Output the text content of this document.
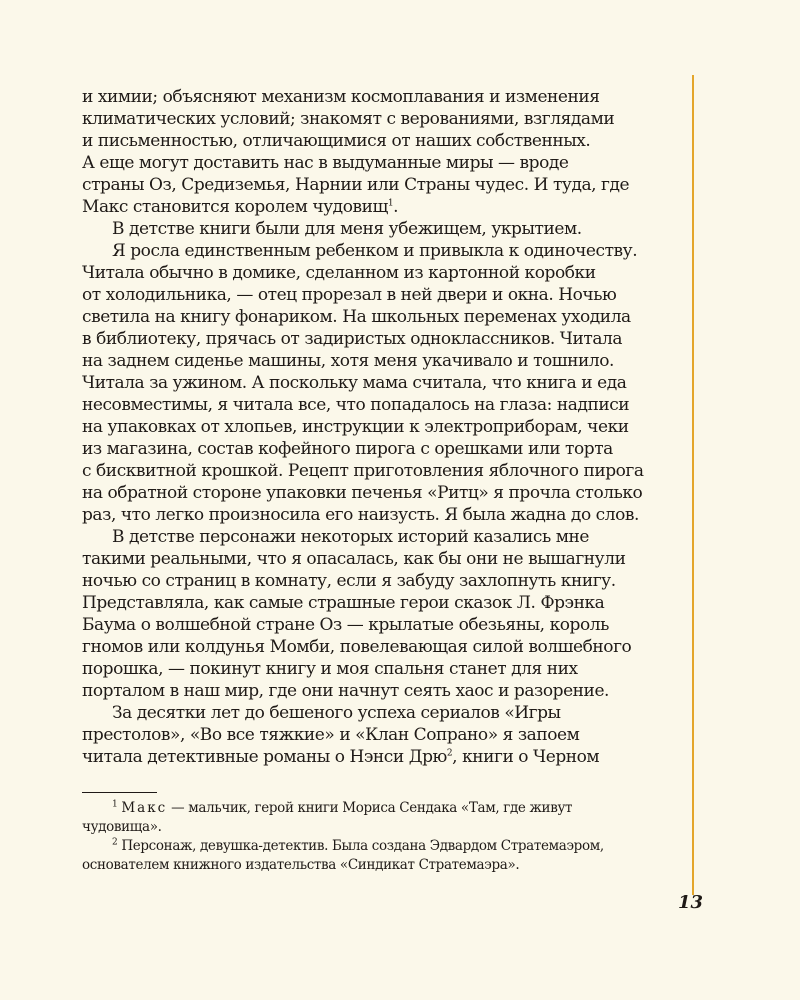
и химии; объясняют механизм космоплавания и изменения
климатических условий; знакомят с верованиями, взглядами
и письменностью, отличающимися от наших собственных.
А еще могут доставить нас в выдуманные миры — вроде
страны Оз, Средиземья, Нарнии или Страны чудес. И туда, где
Макс становится королем чудовищ$^1$.
В детстве книги были для меня убежищем, укрытием.
Я росла единственным ребенком и привыкла к одиночеству.
Читала обычно в домике, сделанном из картонной коробки
от холодильника, — отец прорезал в ней двери и окна. Ночью
светила на книгу фонариком. На школьных переменах уходила
в библиотеку, прячась от задиристых одноклассников. Читала
на заднем сиденье машины, хотя меня укачивало и тошнило.
Читала за ужином. А поскольку мама считала, что книга и еда
несовместимы, я читала все, что попадалось на глаза: надписи
на упаковках от хлопьев, инструкции к электроприборам, чеки
из магазина, состав кофейного пирога с орешками или торта
с бисквитной крошкой. Рецепт приготовления яблочного пирога
на обратной стороне упаковки печенья «Ритц» я прочла столько
раз, что легко произносила его наизусть. Я была жадна до слов.
В детстве персонажи некоторых историй казались мне
такими реальными, что я опасалась, как бы они не вышагнули
ночью со страниц в комнату, если я забуду захлопнуть книгу.
Представляла, как самые страшные герои сказок Л. Фрэнка
Баума о волшебной стране Оз — крылатые обезьяны, король
гномов или колдунья Момби, повелевающая силой волшебного
порошка, — покинут книгу и моя спальня станет для них
порталом в наш мир, где они начнут сеять хаос и разорение.
За десятки лет до бешеного успеха сериалов «Игры
престолов», «Во все тяжкие» и «Клан Сопрано» я запоем
читала детективные романы о Нэнси Дрю$^2$, книги о Черном
$^1$ Макс — мальчик, герой книги Мориса Сендака «Там, где живут
чудовища».
$^2$ Персонаж, девушка-детектив. Была создана Эдвардом Стратемаэром,
основателем книжного издательства «Синдикат Стратемаэра».
13
